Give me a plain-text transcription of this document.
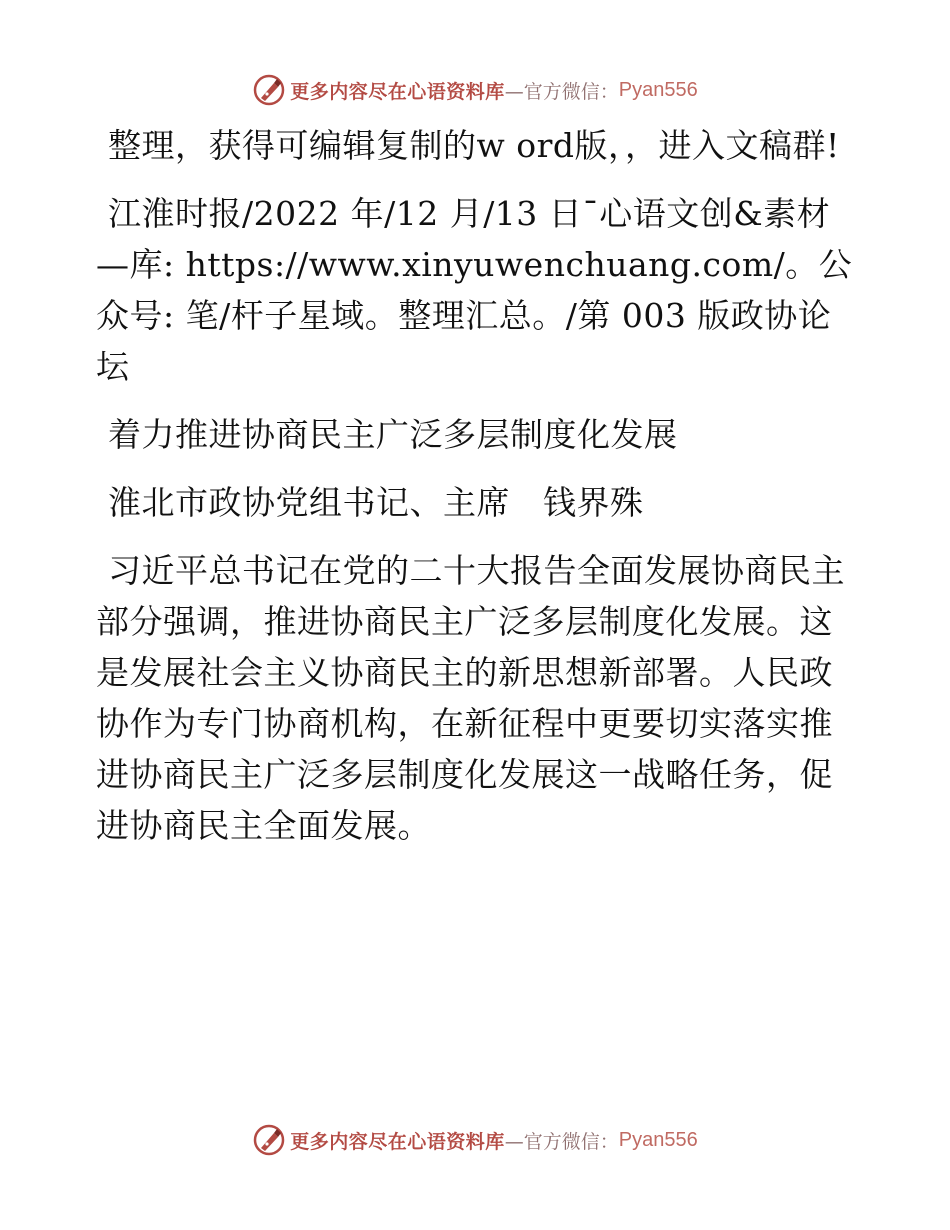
更多内容尽在心语资料库 —官方微信： Pyan556

整理，获得可编辑复制的w ord版，，进入文稿群!

江淮时报/2022 年/12 月/13 日¯心语文创&素材—库: https://www.xinyuwenchuang.com/。公众号: 笔/杆子星域。整理汇总。/第 003 版政协论坛

着力推进协商民主广泛多层制度化发展

淮北市政协党组书记、主席   钱界殊

习近平总书记在党的二十大报告全面发展协商民主部分强调，推进协商民主广泛多层制度化发展。这是发展社会主义协商民主的新思想新部署。人民政协作为专门协商机构，在新征程中更要切实落实推进协商民主广泛多层制度化发展这一战略任务，促进协商民主全面发展。

更多内容尽在心语资料库 —官方微信： Pyan556
